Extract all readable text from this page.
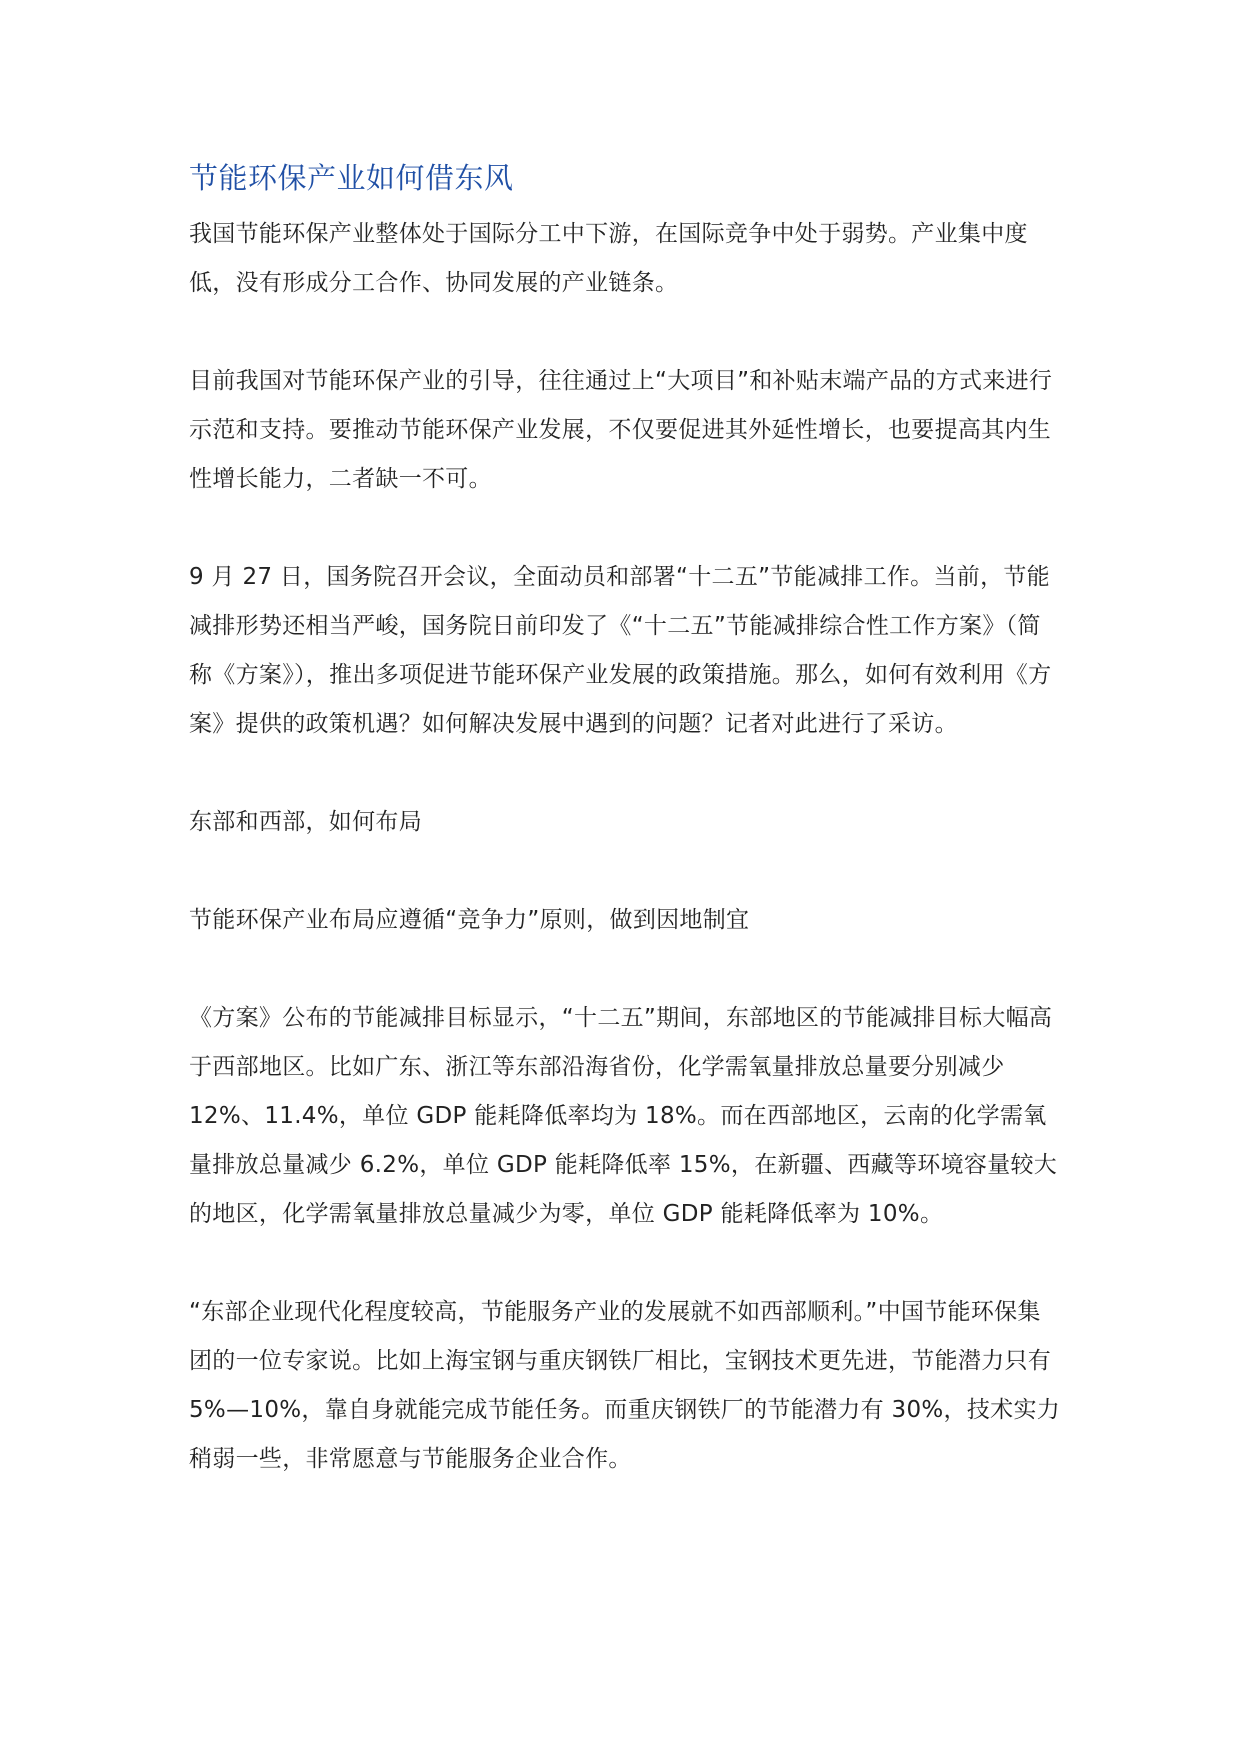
节能环保产业如何借东风

我国节能环保产业整体处于国际分工中下游，在国际竞争中处于弱势。产业集中度低，没有形成分工合作、协同发展的产业链条。

目前我国对节能环保产业的引导，往往通过上“大项目”和补贴末端产品的方式来进行示范和支持。要推动节能环保产业发展，不仅要促进其外延性增长，也要提高其内生性增长能力，二者缺一不可。

9 月 27 日，国务院召开会议，全面动员和部署“十二五”节能减排工作。当前，节能减排形势还相当严峻，国务院日前印发了《“十二五”节能减排综合性工作方案》（简称《方案》），推出多项促进节能环保产业发展的政策措施。那么，如何有效利用《方案》提供的政策机遇？如何解决发展中遇到的问题？记者对此进行了采访。

东部和西部，如何布局

节能环保产业布局应遵循“竞争力”原则，做到因地制宜

《方案》公布的节能减排目标显示，“十二五”期间，东部地区的节能减排目标大幅高于西部地区。比如广东、浙江等东部沿海省份，化学需氧量排放总量要分别减少 12%、11.4%，单位 GDP 能耗降低率均为 18%。而在西部地区，云南的化学需氧量排放总量减少 6.2%，单位 GDP 能耗降低率 15%，在新疆、西藏等环境容量较大的地区，化学需氧量排放总量减少为零，单位 GDP 能耗降低率为 10%。

“东部企业现代化程度较高，节能服务产业的发展就不如西部顺利。”中国节能环保集团的一位专家说。比如上海宝钢与重庆钢铁厂相比，宝钢技术更先进，节能潜力只有 5%—10%，靠自身就能完成节能任务。而重庆钢铁厂的节能潜力有 30%，技术实力稍弱一些，非常愿意与节能服务企业合作。
